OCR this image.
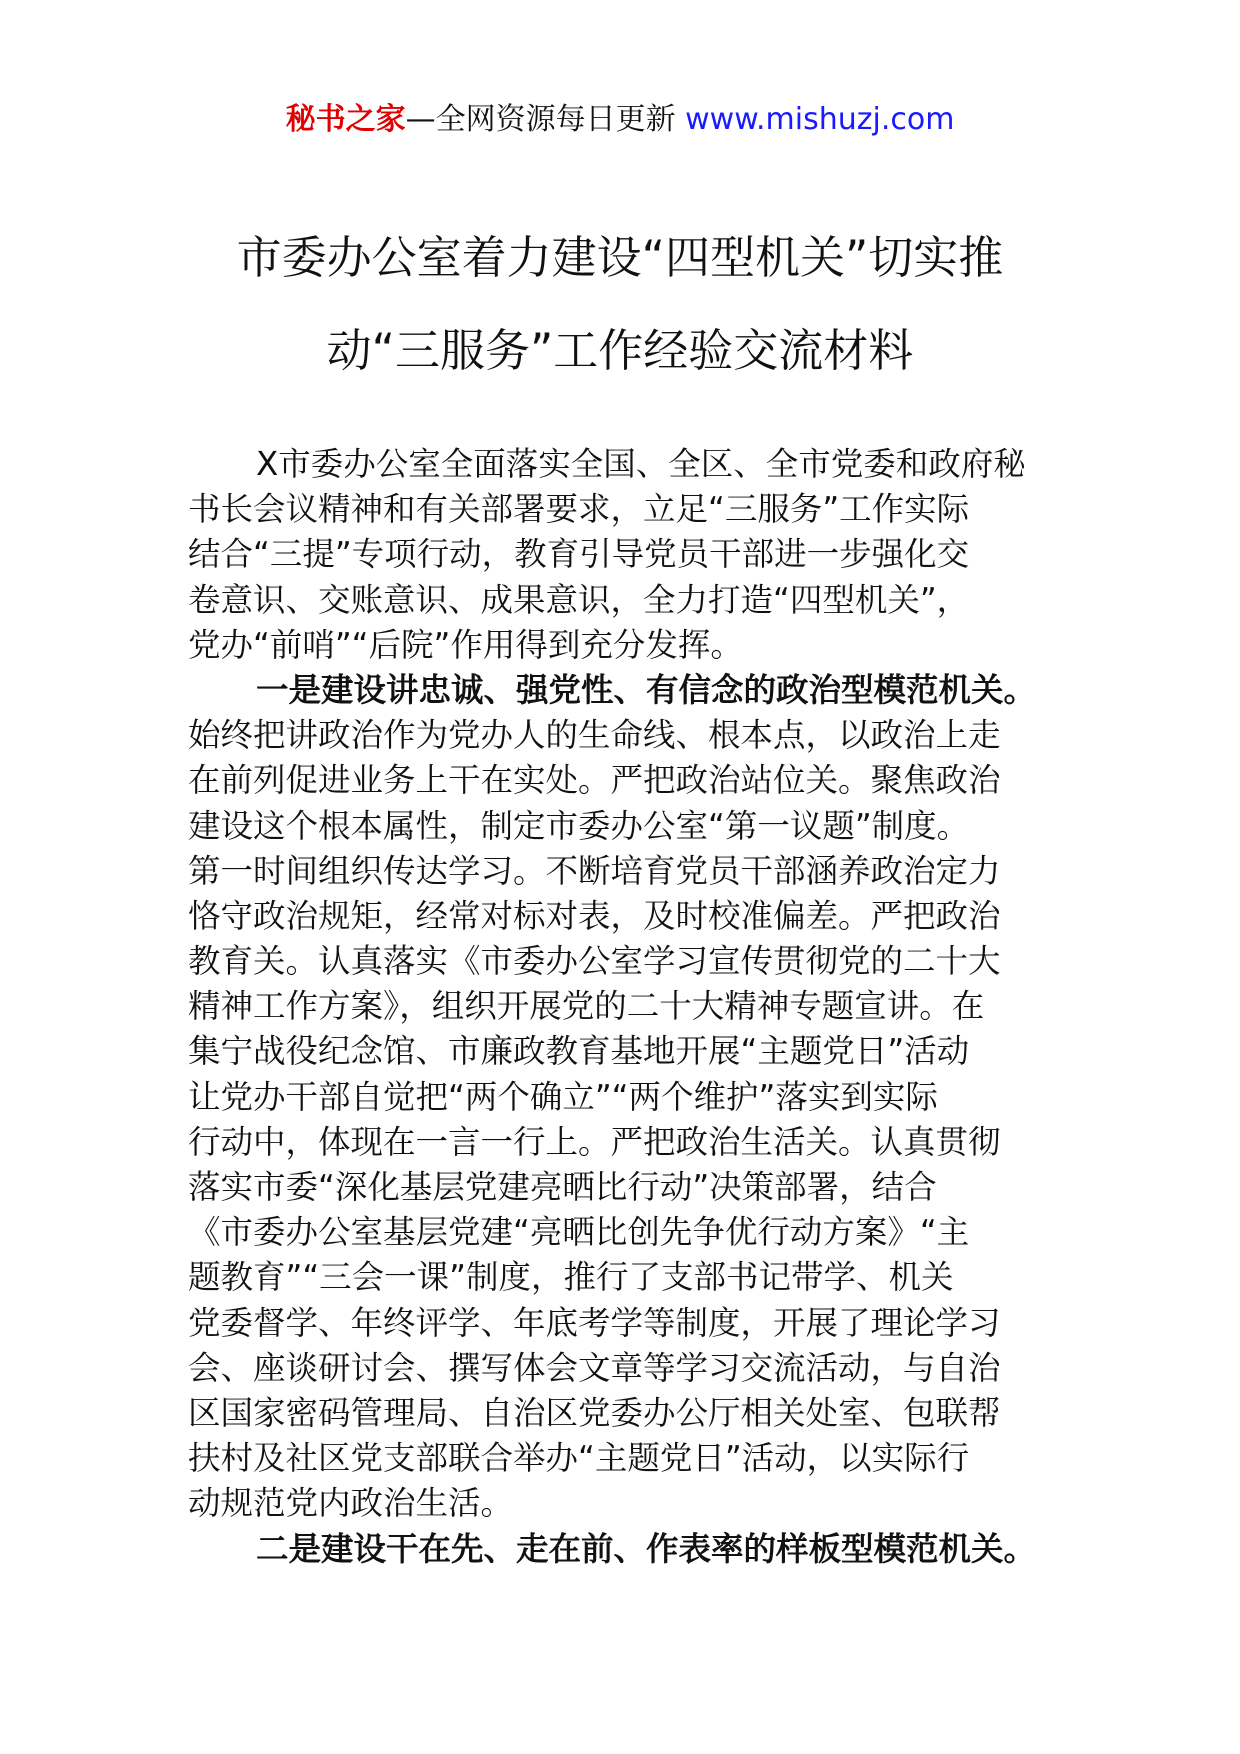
秘书之家—全网资源每日更新 www.mishuzj.com
市委办公室着力建设“四型机关”切实推
动“三服务”工作经验交流材料
X市委办公室全面落实全国、全区、全市党委和政府秘
书长会议精神和有关部署要求，立足“三服务”工作实际
结合“三提”专项行动，教育引导党员干部进一步强化交
卷意识、交账意识、成果意识，全力打造“四型机关”，
党办“前哨”“后院”作用得到充分发挥。
一是建设讲忠诚、强党性、有信念的政治型模范机关。
始终把讲政治作为党办人的生命线、根本点，以政治上走
在前列促进业务上干在实处。严把政治站位关。聚焦政治
建设这个根本属性，制定市委办公室“第一议题”制度。
第一时间组织传达学习。不断培育党员干部涵养政治定力
恪守政治规矩，经常对标对表，及时校准偏差。严把政治
教育关。认真落实《市委办公室学习宣传贯彻党的二十大
精神工作方案》，组织开展党的二十大精神专题宣讲。在
集宁战役纪念馆、市廉政教育基地开展“主题党日”活动
让党办干部自觉把“两个确立”“两个维护”落实到实际
行动中，体现在一言一行上。严把政治生活关。认真贯彻
落实市委“深化基层党建亮晒比行动”决策部署，结合
《市委办公室基层党建“亮晒比创先争优行动方案》“主
题教育”“三会一课”制度，推行了支部书记带学、机关
党委督学、年终评学、年底考学等制度，开展了理论学习
会、座谈研讨会、撰写体会文章等学习交流活动，与自治
区国家密码管理局、自治区党委办公厅相关处室、包联帮
扶村及社区党支部联合举办“主题党日”活动，以实际行
动规范党内政治生活。
二是建设干在先、走在前、作表率的样板型模范机关。
